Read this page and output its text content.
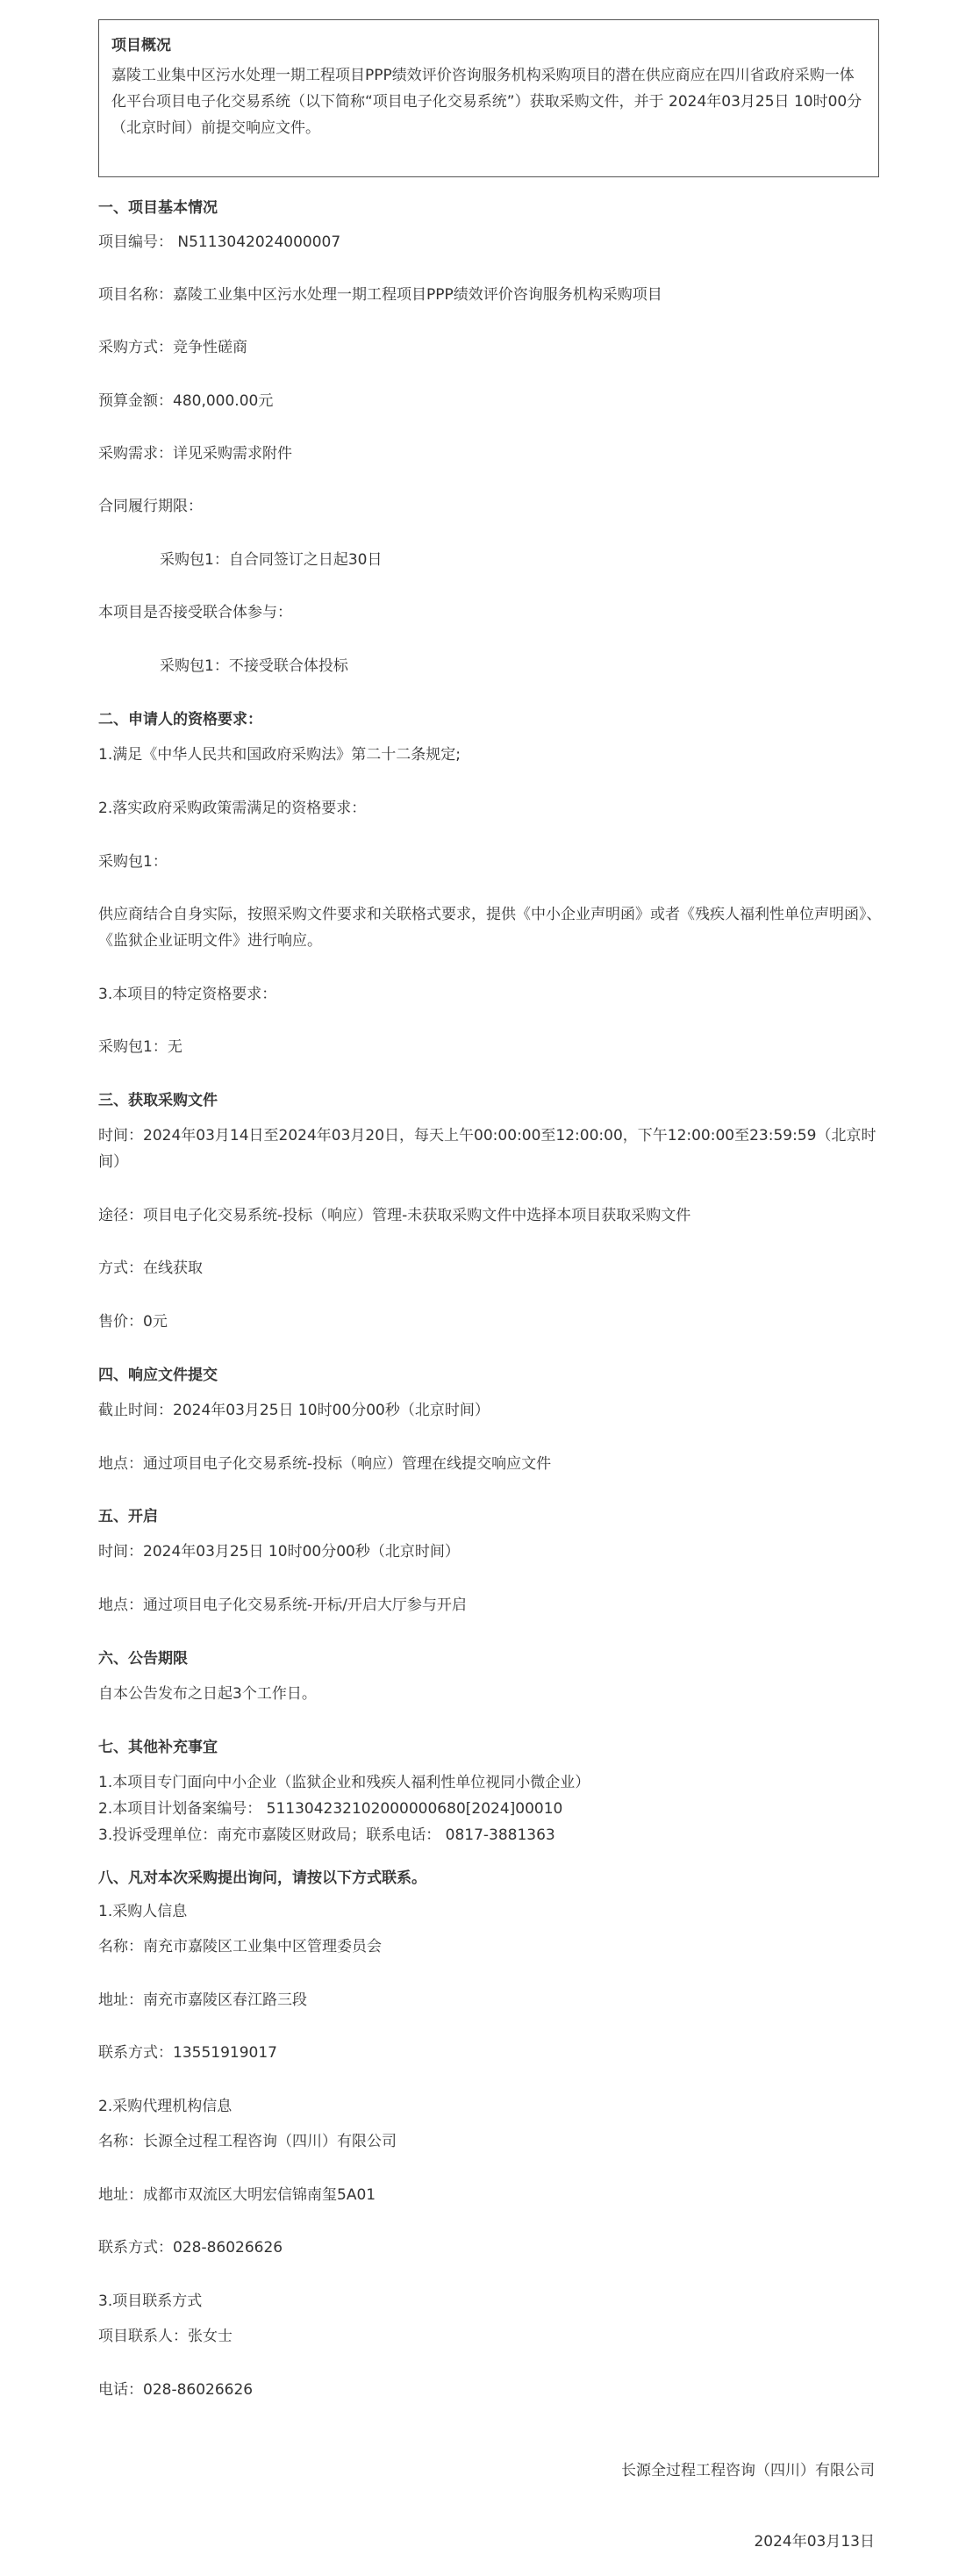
项目概况
嘉陵工业集中区污水处理一期工程项目PPP绩效评价咨询服务机构采购项目的潜在供应商应在四川省政府采购一体化平台项目电子化交易系统（以下简称“项目电子化交易系统”）获取采购文件，并于 2024年03月25日 10时00分 （北京时间）前提交响应文件。
一、项目基本情况
项目编号： N5113042024000007
项目名称：嘉陵工业集中区污水处理一期工程项目PPP绩效评价咨询服务机构采购项目
采购方式：竞争性磋商
预算金额：480,000.00元
采购需求：详见采购需求附件
合同履行期限：
采购包1：自合同签订之日起30日
本项目是否接受联合体参与：
采购包1：不接受联合体投标
二、申请人的资格要求：
1.满足《中华人民共和国政府采购法》第二十二条规定;
2.落实政府采购政策需满足的资格要求：
采购包1：
供应商结合自身实际，按照采购文件要求和关联格式要求，提供《中小企业声明函》或者《残疾人福利性单位声明函》、《监狱企业证明文件》进行响应。
3.本项目的特定资格要求：
采购包1：无
三、获取采购文件
时间：2024年03月14日至2024年03月20日，每天上午00:00:00至12:00:00，下午12:00:00至23:59:59（北京时间）
途径：项目电子化交易系统-投标（响应）管理-未获取采购文件中选择本项目获取采购文件
方式：在线获取
售价：0元
四、响应文件提交
截止时间：2024年03月25日 10时00分00秒（北京时间）
地点：通过项目电子化交易系统-投标（响应）管理在线提交响应文件
五、开启
时间：2024年03月25日 10时00分00秒（北京时间）
地点：通过项目电子化交易系统-开标/开启大厅参与开启
六、公告期限
自本公告发布之日起3个工作日。
七、其他补充事宜
1.本项目专门面向中小企业（监狱企业和残疾人福利性单位视同小微企业）
2.本项目计划备案编号： 511304232102000000680[2024]00010
3.投诉受理单位：南充市嘉陵区财政局；联系电话： 0817-3881363
八、凡对本次采购提出询问，请按以下方式联系。
1.采购人信息
名称：南充市嘉陵区工业集中区管理委员会
地址：南充市嘉陵区春江路三段
联系方式：13551919017
2.采购代理机构信息
名称：长源全过程工程咨询（四川）有限公司
地址：成都市双流区大明宏信锦南玺5A01
联系方式：028-86026626
3.项目联系方式
项目联系人：张女士
电话：028-86026626
长源全过程工程咨询（四川）有限公司
2024年03月13日
